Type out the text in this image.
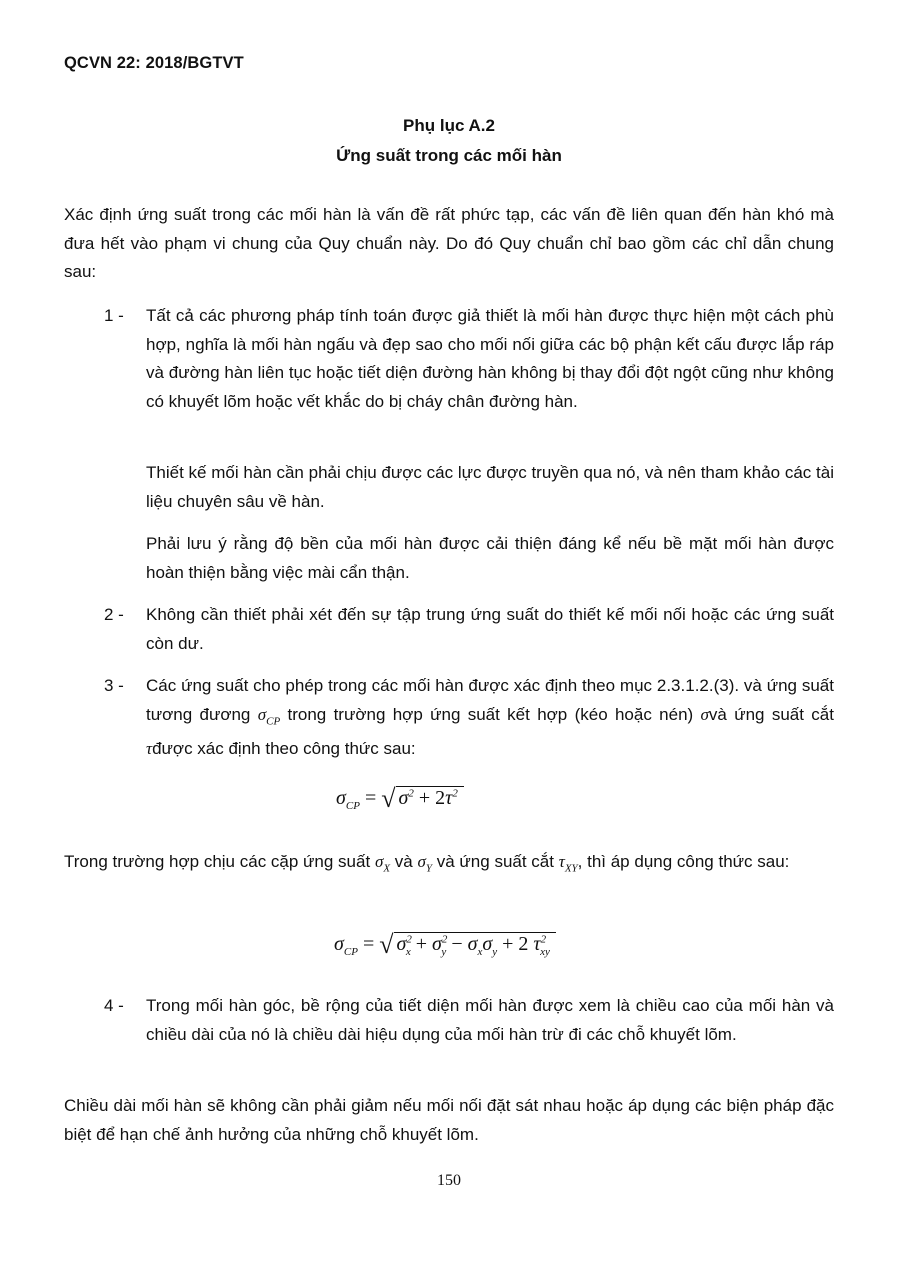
QCVN 22: 2018/BGTVT
Phụ lục A.2
Ứng suất trong các mối hàn
Xác định ứng suất trong các mối hàn là vấn đề rất phức tạp, các vấn đề liên quan đến hàn khó mà đưa hết vào phạm vi chung của Quy chuẩn này. Do đó Quy chuẩn chỉ bao gồm các chỉ dẫn chung sau:
1 - Tất cả các phương pháp tính toán được giả thiết là mối hàn được thực hiện một cách phù hợp, nghĩa là mối hàn ngấu và đẹp sao cho mối nối giữa các bộ phận kết cấu được lắp ráp và đường hàn liên tục hoặc tiết diện đường hàn không bị thay đổi đột ngột cũng như không có khuyết lõm hoặc vết khắc do bị cháy chân đường hàn.
Thiết kế mối hàn cần phải chịu được các lực được truyền qua nó, và nên tham khảo các tài liệu chuyên sâu về hàn.
Phải lưu ý rằng độ bền của mối hàn được cải thiện đáng kể nếu bề mặt mối hàn được hoàn thiện bằng việc mài cẩn thận.
2 - Không cần thiết phải xét đến sự tập trung ứng suất do thiết kế mối nối hoặc các ứng suất còn dư.
3 - Các ứng suất cho phép trong các mối hàn được xác định theo mục 2.3.1.2.(3). và ứng suất tương đương $\sigma_{CP}$ trong trường hợp ứng suất kết hợp (kéo hoặc nén) σvà ứng suất cắt τđược xác định theo công thức sau:
$\sigma_{CP}$ = √ $\sigma^2 + 2\tau^2$
Trong trường hợp chịu các cặp ứng suất $\sigma_X$ và $\sigma_Y$ và ứng suất cắt $\tau_{XY}$, thì áp dụng công thức sau:
$\sigma_{CP}$ = √ $\sigma^2_x + \sigma^2_y - \sigma_x\sigma_y + 2$ $\tau^2_{xy}$
4 - Trong mối hàn góc, bề rộng của tiết diện mối hàn được xem là chiều cao của mối hàn và chiều dài của nó là chiều dài hiệu dụng của mối hàn trừ đi các chỗ khuyết lõm.
Chiều dài mối hàn sẽ không cần phải giảm nếu mối nối đặt sát nhau hoặc áp dụng các biện pháp đặc biệt để hạn chế ảnh hưởng của những chỗ khuyết lõm.
150
